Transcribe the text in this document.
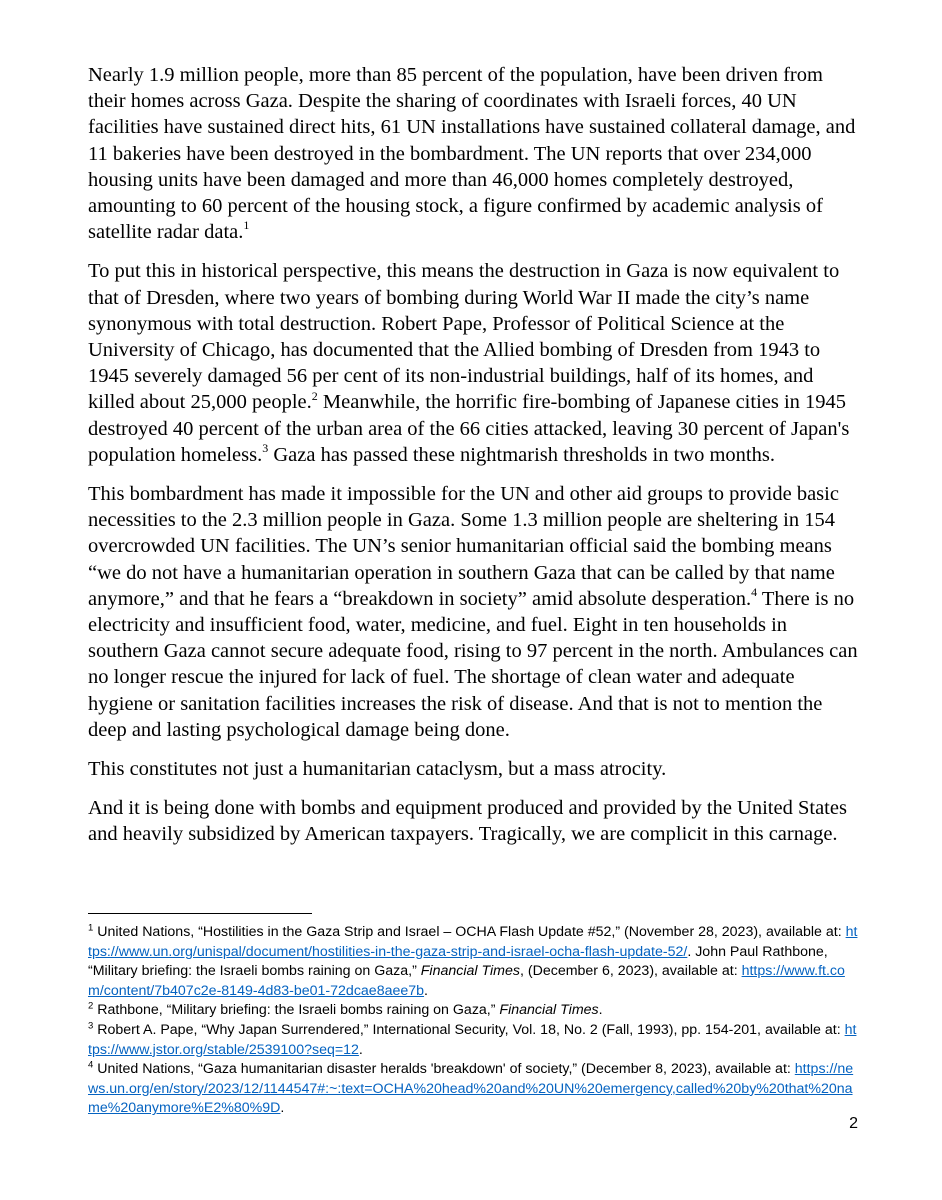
Nearly 1.9 million people, more than 85 percent of the population, have been driven from their homes across Gaza. Despite the sharing of coordinates with Israeli forces, 40 UN facilities have sustained direct hits, 61 UN installations have sustained collateral damage, and 11 bakeries have been destroyed in the bombardment. The UN reports that over 234,000 housing units have been damaged and more than 46,000 homes completely destroyed, amounting to 60 percent of the housing stock, a figure confirmed by academic analysis of satellite radar data.$^1$

To put this in historical perspective, this means the destruction in Gaza is now equivalent to that of Dresden, where two years of bombing during World War II made the city’s name synonymous with total destruction. Robert Pape, Professor of Political Science at the University of Chicago, has documented that the Allied bombing of Dresden from 1943 to 1945 severely damaged 56 per cent of its non-industrial buildings, half of its homes, and killed about 25,000 people.$^2$ Meanwhile, the horrific fire-bombing of Japanese cities in 1945 destroyed 40 percent of the urban area of the 66 cities attacked, leaving 30 percent of Japan's population homeless.$^3$ Gaza has passed these nightmarish thresholds in two months.

This bombardment has made it impossible for the UN and other aid groups to provide basic necessities to the 2.3 million people in Gaza. Some 1.3 million people are sheltering in 154 overcrowded UN facilities. The UN’s senior humanitarian official said the bombing means “we do not have a humanitarian operation in southern Gaza that can be called by that name anymore,” and that he fears a “breakdown in society” amid absolute desperation.$^4$ There is no electricity and insufficient food, water, medicine, and fuel. Eight in ten households in southern Gaza cannot secure adequate food, rising to 97 percent in the north. Ambulances can no longer rescue the injured for lack of fuel. The shortage of clean water and adequate hygiene or sanitation facilities increases the risk of disease. And that is not to mention the deep and lasting psychological damage being done.

This constitutes not just a humanitarian cataclysm, but a mass atrocity.

And it is being done with bombs and equipment produced and provided by the United States and heavily subsidized by American taxpayers. Tragically, we are complicit in this carnage.

$^1$ United Nations, “Hostilities in the Gaza Strip and Israel – OCHA Flash Update #52,” (November 28, 2023), available at: https://www.un.org/unispal/document/hostilities-in-the-gaza-strip-and-israel-ocha-flash-update-52/. John Paul Rathbone, “Military briefing: the Israeli bombs raining on Gaza,” Financial Times, (December 6, 2023), available at: https://www.ft.com/content/7b407c2e-8149-4d83-be01-72dcae8aee7b.

$^2$ Rathbone, “Military briefing: the Israeli bombs raining on Gaza,” Financial Times.

$^3$ Robert A. Pape, “Why Japan Surrendered,” International Security, Vol. 18, No. 2 (Fall, 1993), pp. 154-201, available at: https://www.jstor.org/stable/2539100?seq=12.

$^4$ United Nations, “Gaza humanitarian disaster heralds 'breakdown' of society,” (December 8, 2023), available at: https://news.un.org/en/story/2023/12/1144547#:~:text=OCHA%20head%20and%20UN%20emergency,called%20by%20that%20name%20anymore%E2%80%9D.

2
